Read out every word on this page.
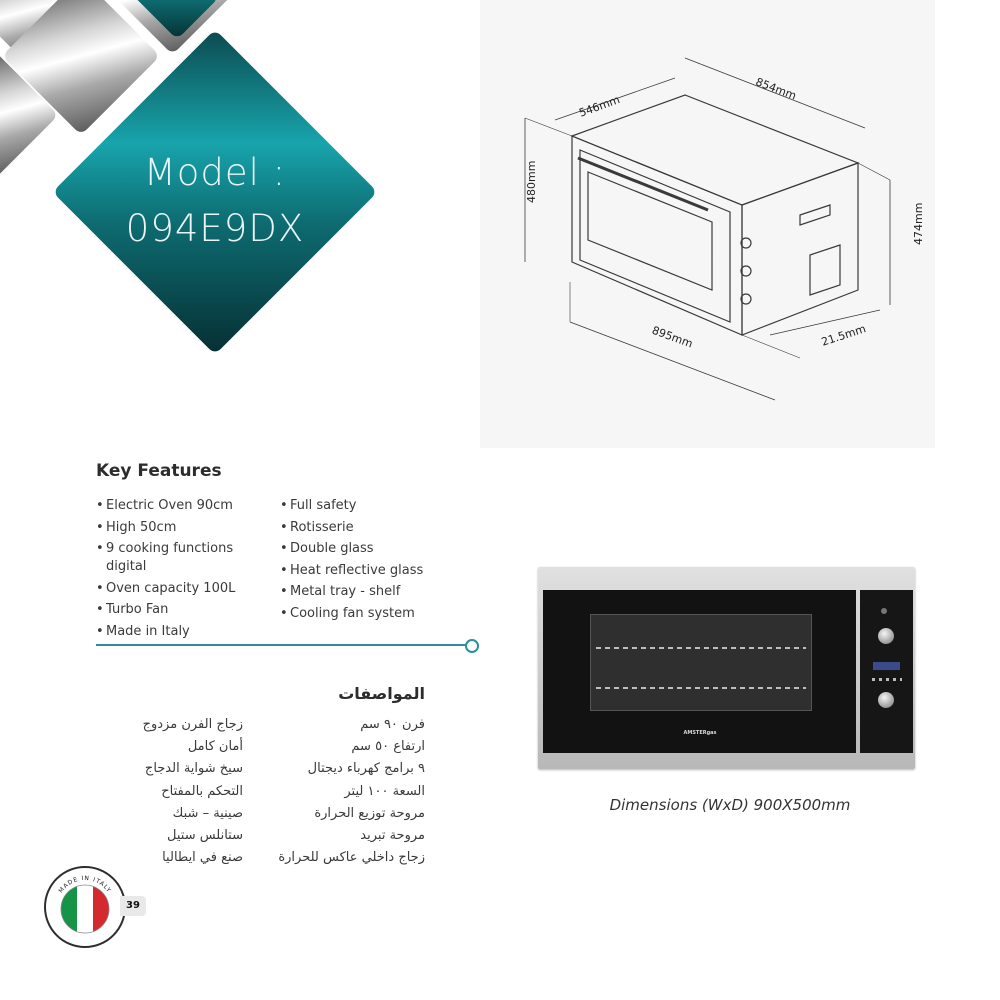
Model :
094E9DX
546mm
854mm
480mm
474mm
895mm	21.5mm
Key Features
• Electric Oven 90cm
• High 50cm
• 9 cooking functions digital
• Oven capacity 100L
• Turbo Fan
• Made in Italy
• Full safety
• Rotisserie
• Double glass
• Heat reflective glass
• Metal tray - shelf
• Cooling fan system
المواصفات
فرن ٩٠ سم
ارتفاع ٥٠ سم
٩ برامج كهرباء ديجتال
السعة ١٠٠ ليتر
مروحة توزيع الحرارة
مروحة تبريد
زجاج داخلي عاكس للحرارة
زجاج الفرن مزدوج
أمان كامل
سيخ شواية الدجاج
التحكم بالمفتاح
صينية – شبك
ستانلس ستيل
صنع في ايطاليا
AMSTERgas
Dimensions (WxD) 900X500mm
MADE IN ITALY
39
